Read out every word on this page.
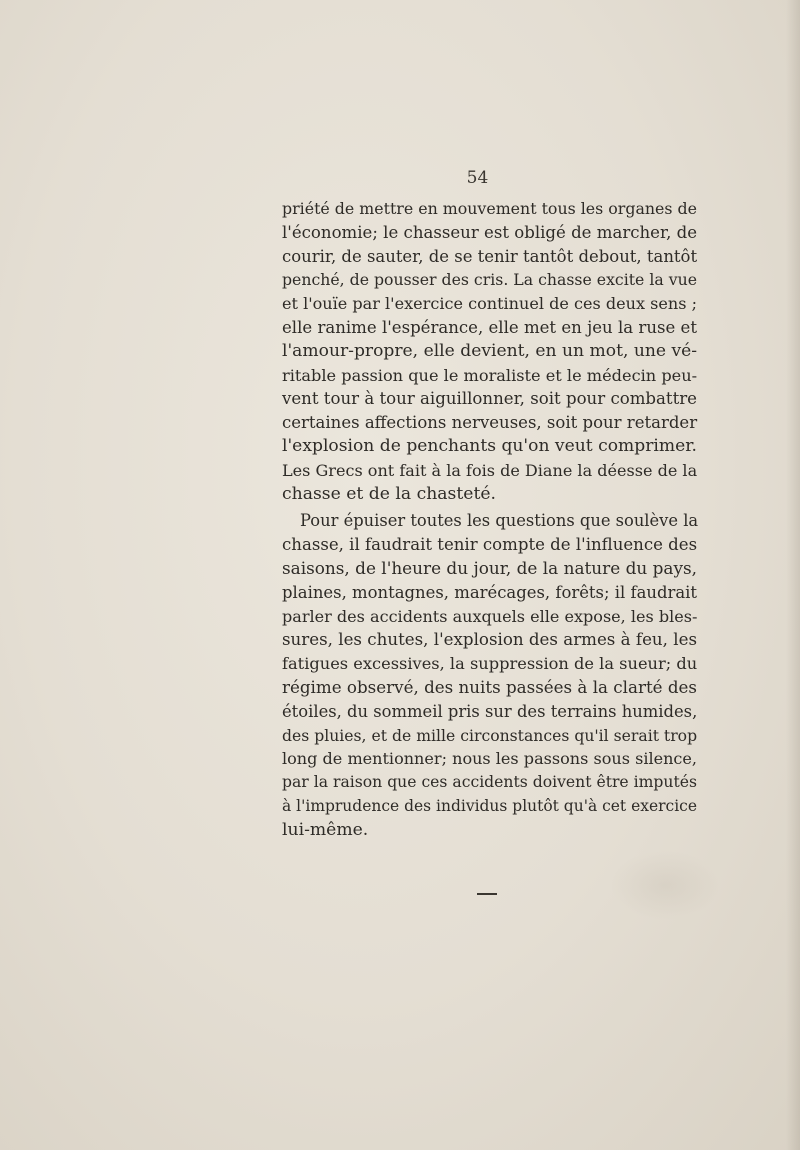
54
priété de mettre en mouvement tous les organes de
l'économie; le chasseur est obligé de marcher, de
courir, de sauter, de se tenir tantôt debout, tantôt
penché, de pousser des cris. La chasse excite la vue
et l'ouïe par l'exercice continuel de ces deux sens ;
elle ranime l'espérance, elle met en jeu la ruse et
l'amour-propre, elle devient, en un mot, une vé-
ritable passion que le moraliste et le médecin peu-
vent tour à tour aiguillonner, soit pour combattre
certaines affections nerveuses, soit pour retarder
l'explosion de penchants qu'on veut comprimer.
Les Grecs ont fait à la fois de Diane la déesse de la
chasse et de la chasteté.
Pour épuiser toutes les questions que soulève la
chasse, il faudrait tenir compte de l'influence des
saisons, de l'heure du jour, de la nature du pays,
plaines, montagnes, marécages, forêts; il faudrait
parler des accidents auxquels elle expose, les bles-
sures, les chutes, l'explosion des armes à feu, les
fatigues excessives, la suppression de la sueur; du
régime observé, des nuits passées à la clarté des
étoiles, du sommeil pris sur des terrains humides,
des pluies, et de mille circonstances qu'il serait trop
long de mentionner; nous les passons sous silence,
par la raison que ces accidents doivent être imputés
à l'imprudence des individus plutôt qu'à cet exercice
lui-même.
